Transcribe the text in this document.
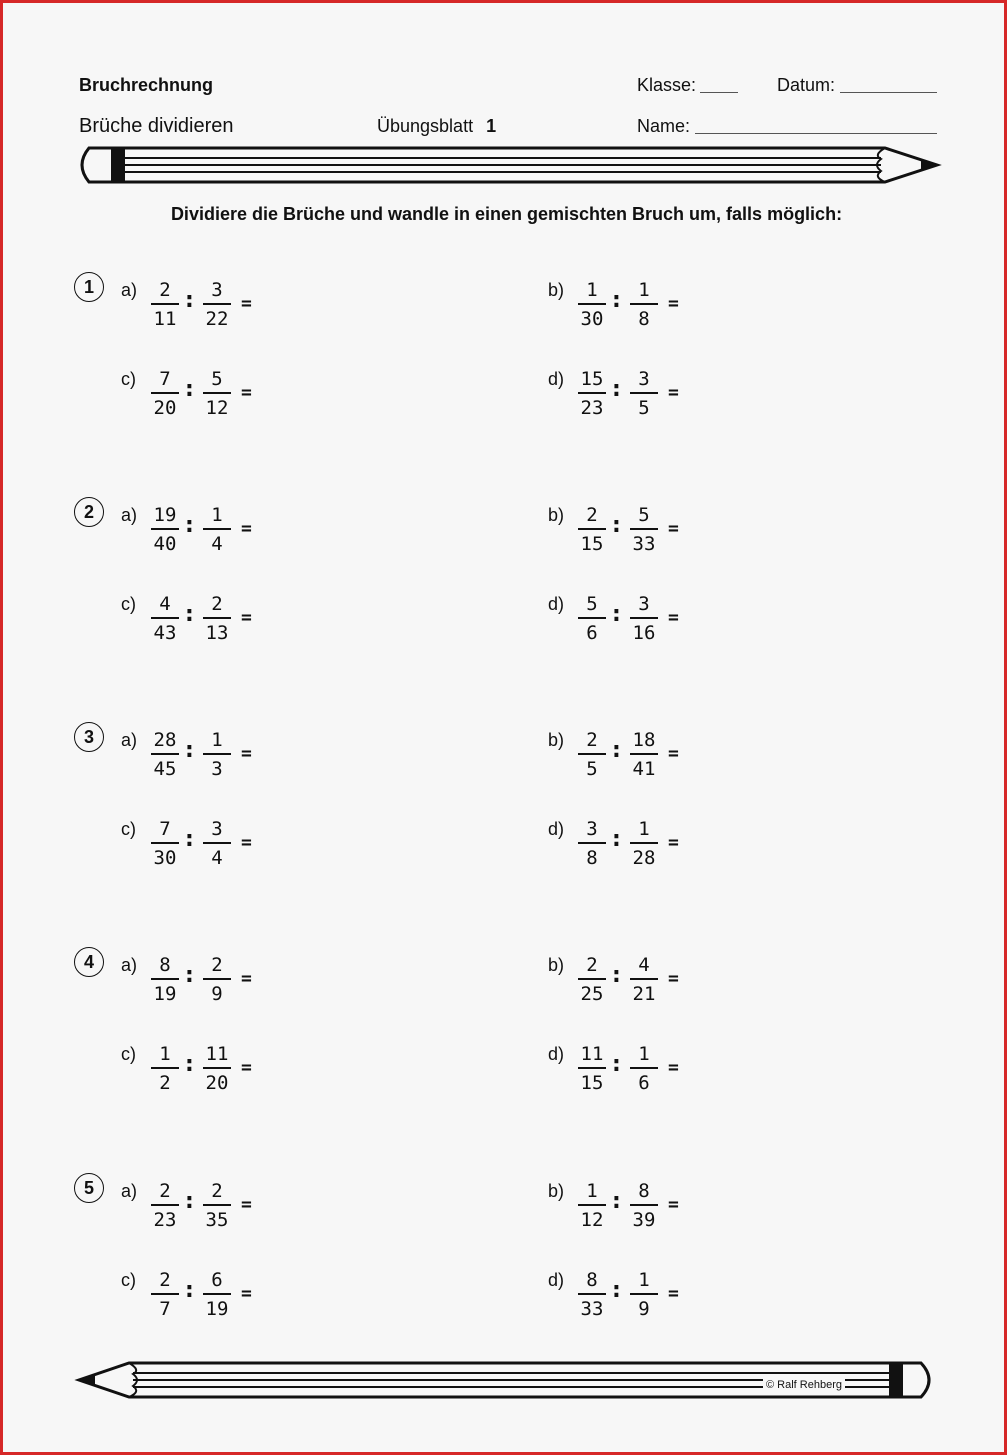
Bruchrechnung
Brüche dividieren	Übungsblatt 1
Klasse:	Datum:
Name:
Dividiere die Brüche und wandle in einen gemischten Bruch um, falls möglich:
1	a)	2
11
: 3
22
=
b)	1
30
: 1
8
=
c)	7
20
: 5
12
=
d) 15
23
: 3
5
=
2	a) 19
40
: 1
4
=
b)	2
15
: 5
33
=
c)	4
43
: 2
13
=
d)	5
6
: 3
16
=
3	a) 28
45
: 1
3
=
b)	2
5
: 18
41
=
c)	7
30
: 3
4
=
d)	3
8
: 1
28
=
4	a)	8
19
: 2
9
=
b)	2
25
: 4
21
=
c)	1
2
: 11
20
=
d) 11
15
: 1
6
=
5	a)	2
23
: 2
35
=
b)	1
12
: 8
39
=
c)	2
7
: 6
19
=
d)	8
33
: 1
9
=
© Ralf Rehberg
